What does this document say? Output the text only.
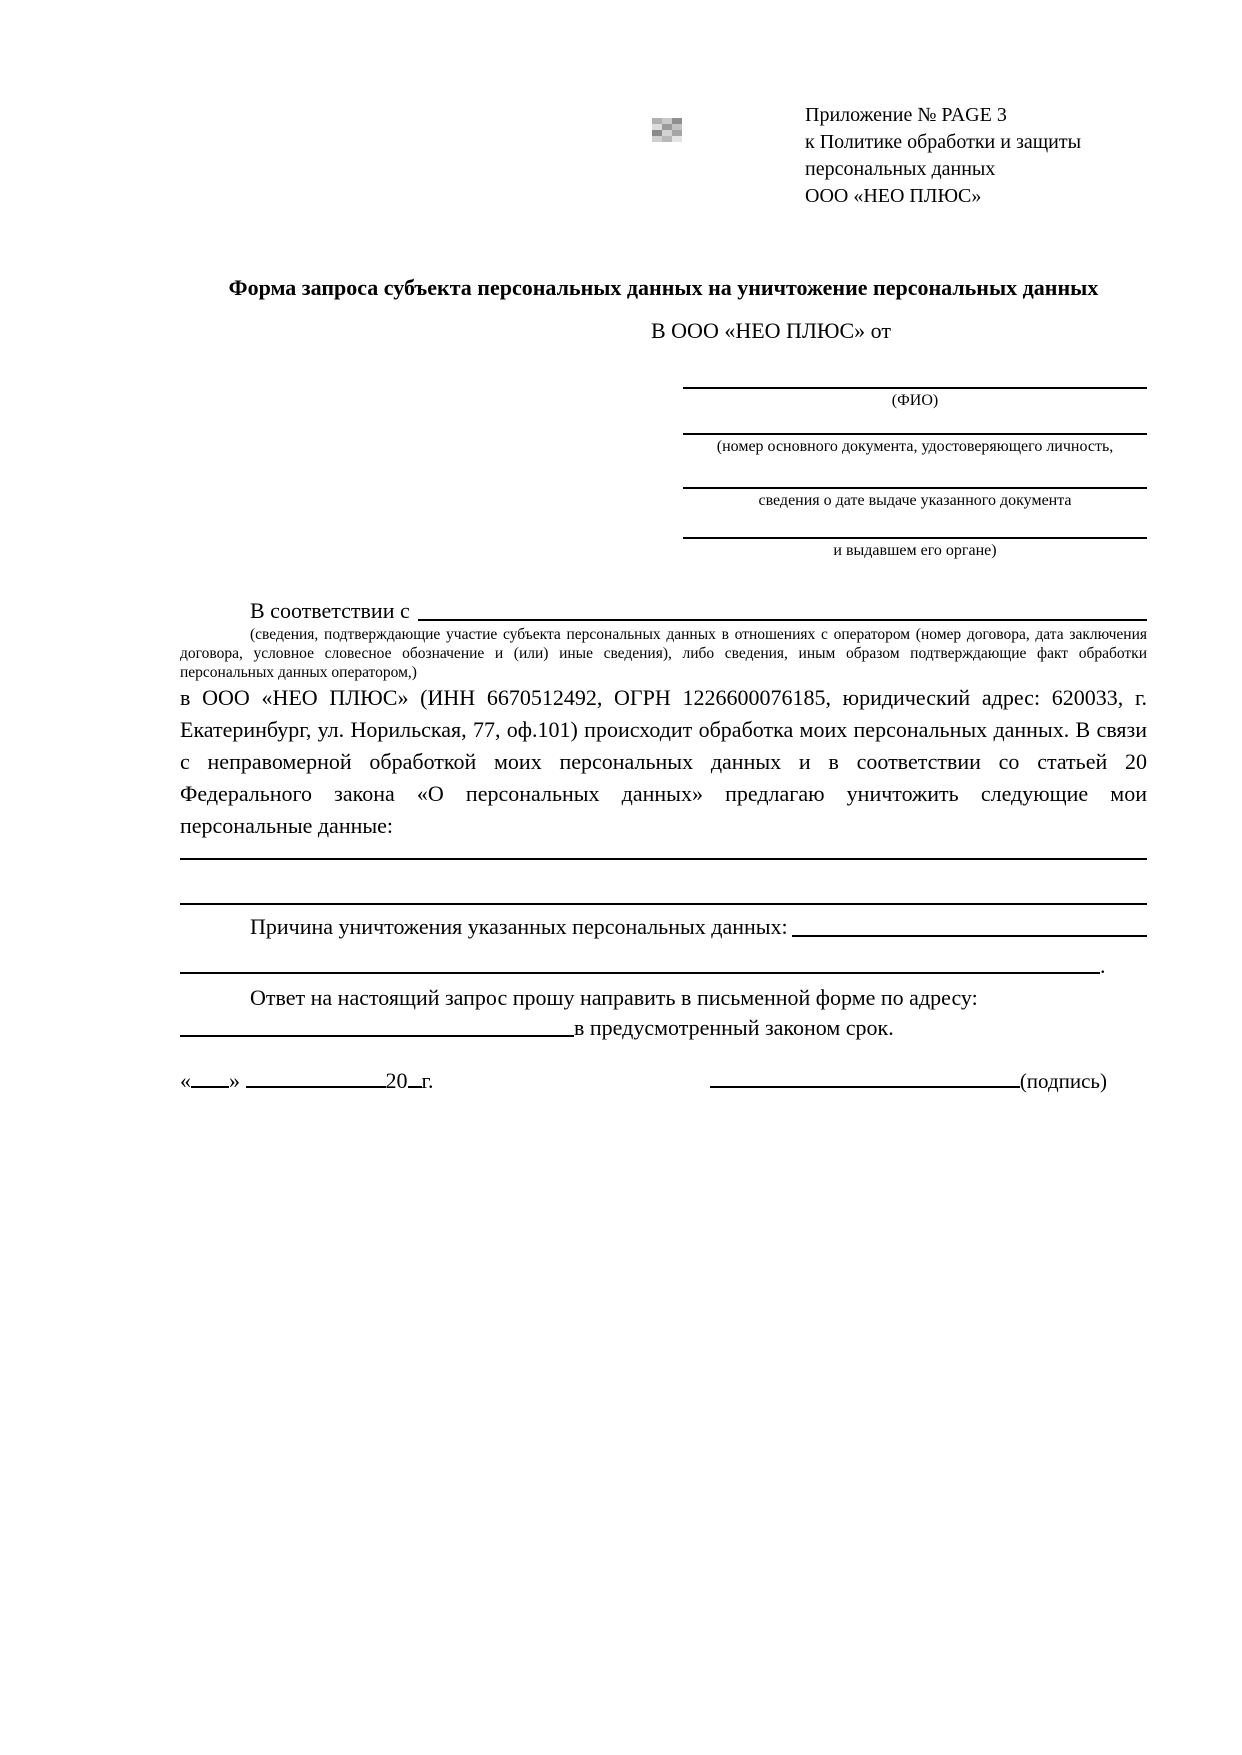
Приложение № PAGE 3
к Политике обработки и защиты
персональных данных
ООО «НЕО ПЛЮС»
Форма запроса субъекта персональных данных на уничтожение персональных данных
В ООО «НЕО ПЛЮС» от
(ФИО)
(номер основного документа, удостоверяющего личность,
сведения о дате выдаче указанного документа
и выдавшем его органе)
В соответствии с
(сведения, подтверждающие участие субъекта персональных данных в отношениях с оператором (номер договора, дата заключения договора, условное словесное обозначение и (или) иные сведения), либо сведения, иным образом подтверждающие факт обработки персональных данных оператором,)
в ООО «НЕО ПЛЮС» (ИНН 6670512492, ОГРН 1226600076185, юридический адрес: 620033, г. Екатеринбург, ул. Норильская, 77, оф.101) происходит обработка моих персональных данных. В связи с неправомерной обработкой моих персональных данных и в соответствии со статьей 20 Федерального закона «О персональных данных» предлагаю уничтожить следующие мои персональные данные:
Причина уничтожения указанных персональных данных:
.
Ответ на настоящий запрос прошу направить в письменной форме по адресу:
в предусмотренный законом срок.
« »	20 г.	(подпись)
